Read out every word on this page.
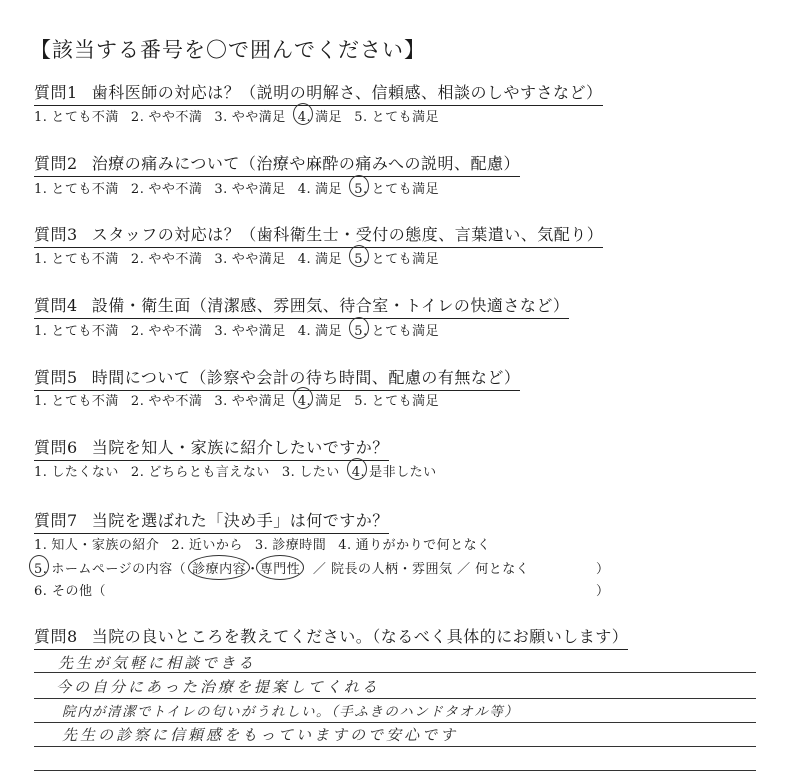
【該当する番号を〇で囲んでください】
質問1 歯科医師の対応は？（説明の明解さ、信頼感、相談のしやすさなど）
1. とても不満 2. やや不満 3. やや満足 4. 満足 5. とても満足
質問2 治療の痛みについて（治療や麻酔の痛みへの説明、配慮）
1. とても不満 2. やや不満 3. やや満足 4. 満足 5. とても満足
質問3 スタッフの対応は？（歯科衛生士・受付の態度、言葉遣い、気配り）
1. とても不満 2. やや不満 3. やや満足 4. 満足 5. とても満足
質問4 設備・衛生面（清潔感、雰囲気、待合室・トイレの快適さなど）
1. とても不満 2. やや不満 3. やや満足 4. 満足 5. とても満足
質問5 時間について（診察や会計の待ち時間、配慮の有無など）
1. とても不満 2. やや不満 3. やや満足 4. 満足 5. とても満足
質問6 当院を知人・家族に紹介したいですか？
1. したくない 2. どちらとも言えない 3. したい 4. 是非したい
質問7 当院を選ばれた「決め手」は何ですか？
1. 知人・家族の紹介 2. 近いから 3. 診療時間 4. 通りがかりで何となく
5. ホームページの内容（ 診療内容・専門性 ／ 院長の人柄・雰囲気 ／ 何となく	）
6. その他（	）
質問8 当院の良いところを教えてください。（なるべく具体的にお願いします）
先生が気軽に相談できる
今の自分にあった治療を提案してくれる
院内が清潔でトイレの匂いがうれしい。（手ふきのハンドタオル等）
先生の診察に信頼感をもっていますので安心です
